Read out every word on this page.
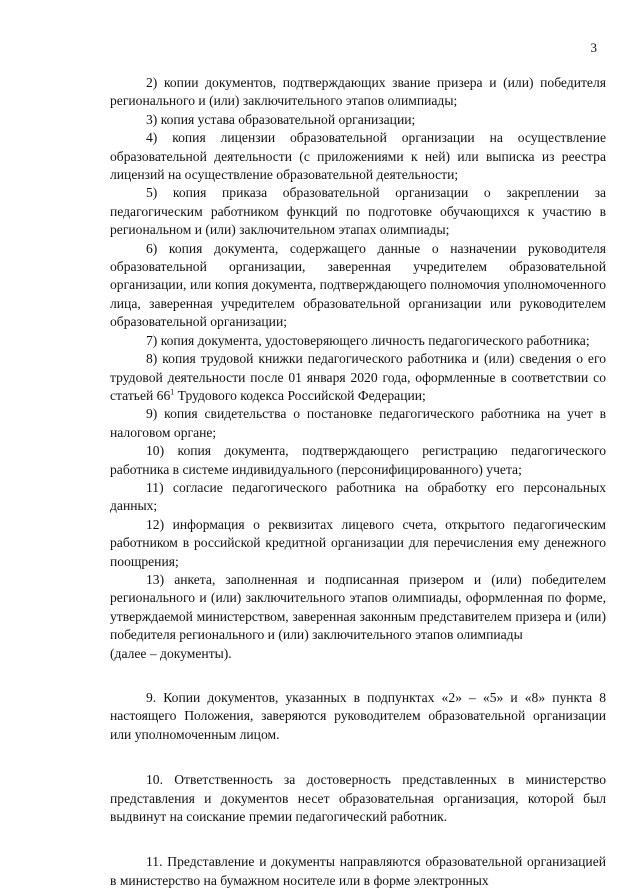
3

2) копии документов, подтверждающих звание призера и (или) победителя регионального и (или) заключительного этапов олимпиады;

3) копия устава образовательной организации;

4) копия лицензии образовательной организации на осуществление образовательной деятельности (с приложениями к ней) или выписка из реестра лицензий на осуществление образовательной деятельности;

5) копия приказа образовательной организации о закреплении за педагогическим работником функций по подготовке обучающихся к участию в региональном и (или) заключительном этапах олимпиады;

6) копия документа, содержащего данные о назначении руководителя образовательной организации, заверенная учредителем образовательной организации, или копия документа, подтверждающего полномочия уполномоченного лица, заверенная учредителем образовательной организации или руководителем образовательной организации;

7) копия документа, удостоверяющего личность педагогического работника;

8) копия трудовой книжки педагогического работника и (или) сведения о его трудовой деятельности после 01 января 2020 года, оформленные в соответствии со статьей $66^1$ Трудового кодекса Российской Федерации;

9) копия свидетельства о постановке педагогического работника на учет в налоговом органе;

10) копия документа, подтверждающего регистрацию педагогического работника в системе индивидуального (персонифицированного) учета;

11) согласие педагогического работника на обработку его персональных данных;

12) информация о реквизитах лицевого счета, открытого педагогическим работником в российской кредитной организации для перечисления ему денежного поощрения;

13) анкета, заполненная и подписанная призером и (или) победителем регионального и (или) заключительного этапов олимпиады, оформленная по форме, утверждаемой министерством, заверенная законным представителем призера и (или) победителя регионального и (или) заключительного этапов олимпиады

(далее – документы).

9. Копии документов, указанных в подпунктах «2» – «5» и «8» пункта 8 настоящего Положения, заверяются руководителем образовательной организации или уполномоченным лицом.

10. Ответственность за достоверность представленных в министерство представления и документов несет образовательная организация, которой был выдвинут на соискание премии педагогический работник.

11. Представление и документы направляются образовательной организацией в министерство на бумажном носителе или в форме электронных
